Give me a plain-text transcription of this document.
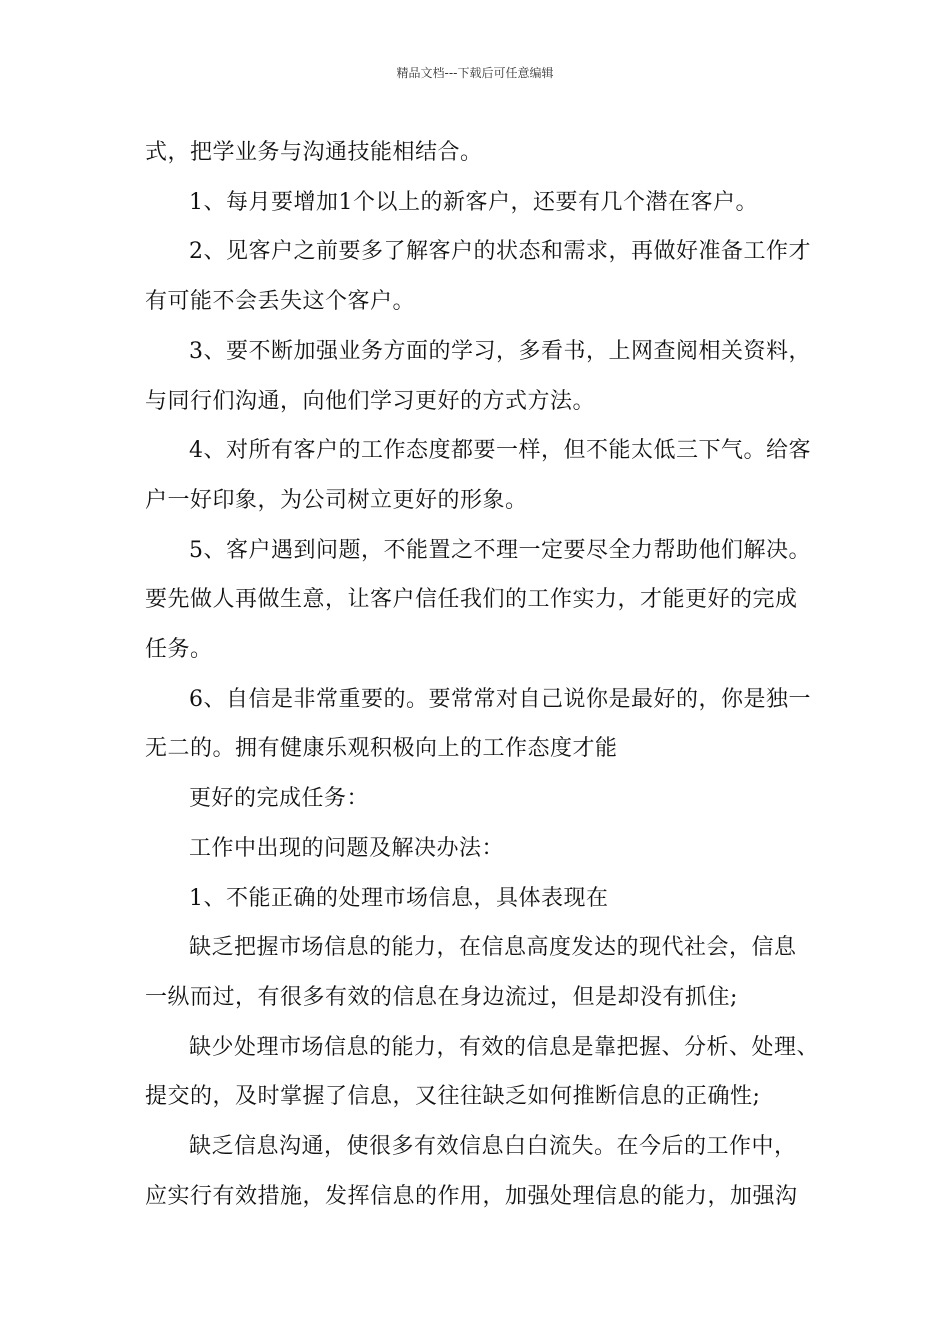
精品文档---下载后可任意编辑

式，把学业务与沟通技能相结合。

1、每月要增加1个以上的新客户，还要有几个潜在客户。

2、见客户之前要多了解客户的状态和需求，再做好准备工作才

有可能不会丢失这个客户。

3、要不断加强业务方面的学习，多看书，上网查阅相关资料，

与同行们沟通，向他们学习更好的方式方法。

4、对所有客户的工作态度都要一样，但不能太低三下气。给客

户一好印象，为公司树立更好的形象。

5、客户遇到问题，不能置之不理一定要尽全力帮助他们解决。

要先做人再做生意，让客户信任我们的工作实力，才能更好的完成

任务。

6、自信是非常重要的。要常常对自己说你是最好的，你是独一

无二的。拥有健康乐观积极向上的工作态度才能

更好的完成任务：

工作中出现的问题及解决办法：

1、不能正确的处理市场信息，具体表现在

缺乏把握市场信息的能力，在信息高度发达的现代社会，信息

一纵而过，有很多有效的信息在身边流过，但是却没有抓住;

缺少处理市场信息的能力，有效的信息是靠把握、分析、处理、

提交的，及时掌握了信息，又往往缺乏如何推断信息的正确性;

缺乏信息沟通，使很多有效信息白白流失。在今后的工作中，

应实行有效措施，发挥信息的作用，加强处理信息的能力，加强沟
